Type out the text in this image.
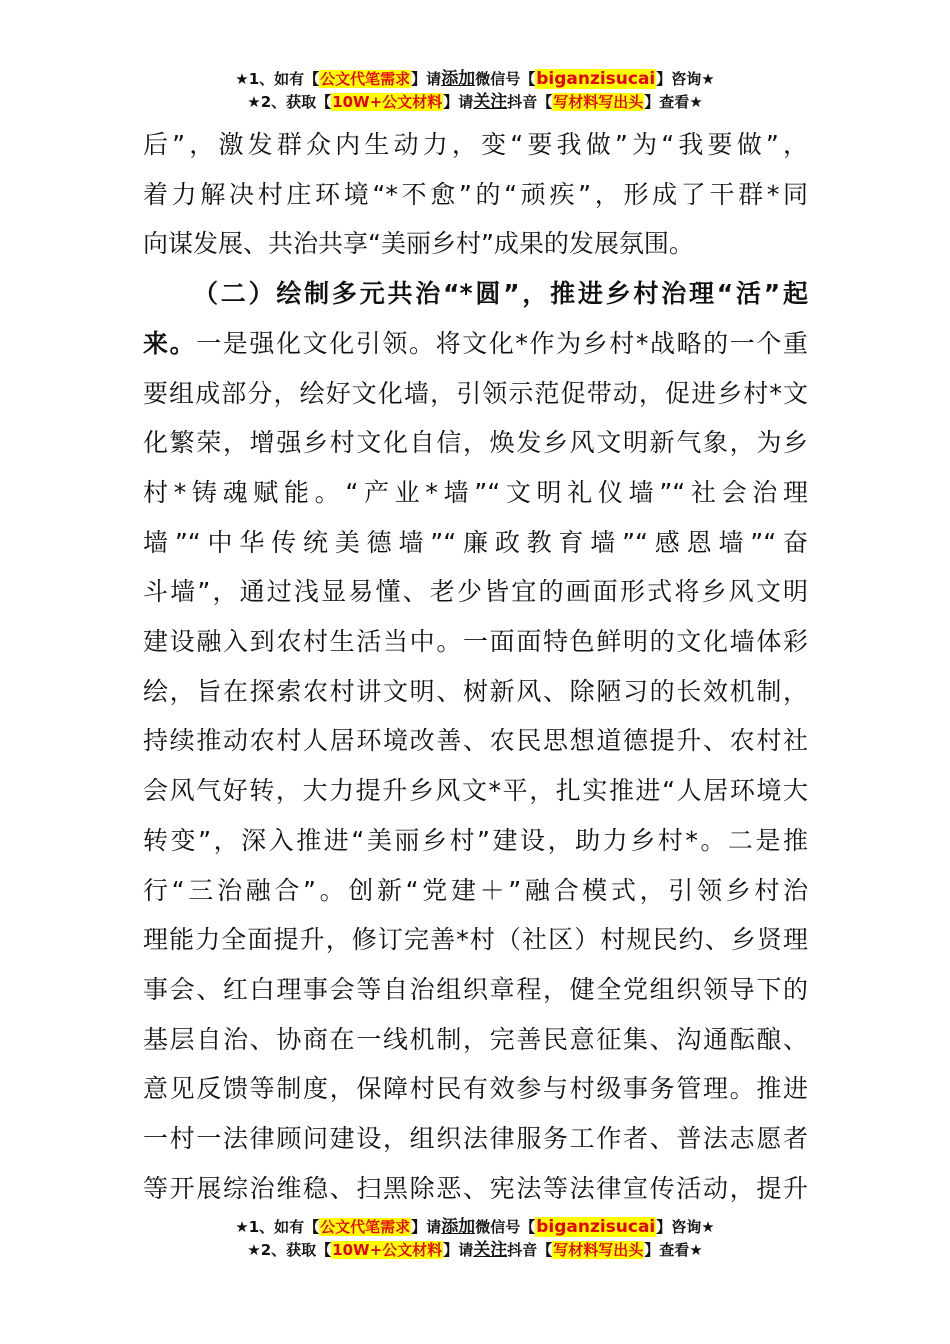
★1、如有【公文代笔需求】请添加微信号【biganzisucai】咨询★
★2、获取【10W+公文材料】请关注抖音【写材料写出头】查看★
后”，激发群众内生动力，变“要我做”为“我要做”，
着力解决村庄环境“*不愈”的“顽疾”，形成了干群*同
向谋发展、共治共享“美丽乡村”成果的发展氛围。
（二）绘制多元共治“*圆”，推进乡村治理“活”起
来。一是强化文化引领。将文化*作为乡村*战略的一个重
要组成部分，绘好文化墙，引领示范促带动，促进乡村*文
化繁荣，增强乡村文化自信，焕发乡风文明新气象，为乡
村*铸魂赋能。“产业*墙”“文明礼仪墙”“社会治理
墙”“中华传统美德墙”“廉政教育墙”“感恩墙”“奋
斗墙”，通过浅显易懂、老少皆宜的画面形式将乡风文明
建设融入到农村生活当中。一面面特色鲜明的文化墙体彩
绘，旨在探索农村讲文明、树新风、除陋习的长效机制，
持续推动农村人居环境改善、农民思想道德提升、农村社
会风气好转，大力提升乡风文*平，扎实推进“人居环境大
转变”，深入推进“美丽乡村”建设，助力乡村*。二是推
行“三治融合”。创新“党建＋”融合模式，引领乡村治
理能力全面提升，修订完善*村（社区）村规民约、乡贤理
事会、红白理事会等自治组织章程，健全党组织领导下的
基层自治、协商在一线机制，完善民意征集、沟通酝酿、
意见反馈等制度，保障村民有效参与村级事务管理。推进
一村一法律顾问建设，组织法律服务工作者、普法志愿者
等开展综治维稳、扫黑除恶、宪法等法律宣传活动，提升
★1、如有【公文代笔需求】请添加微信号【biganzisucai】咨询★
★2、获取【10W+公文材料】请关注抖音【写材料写出头】查看★
